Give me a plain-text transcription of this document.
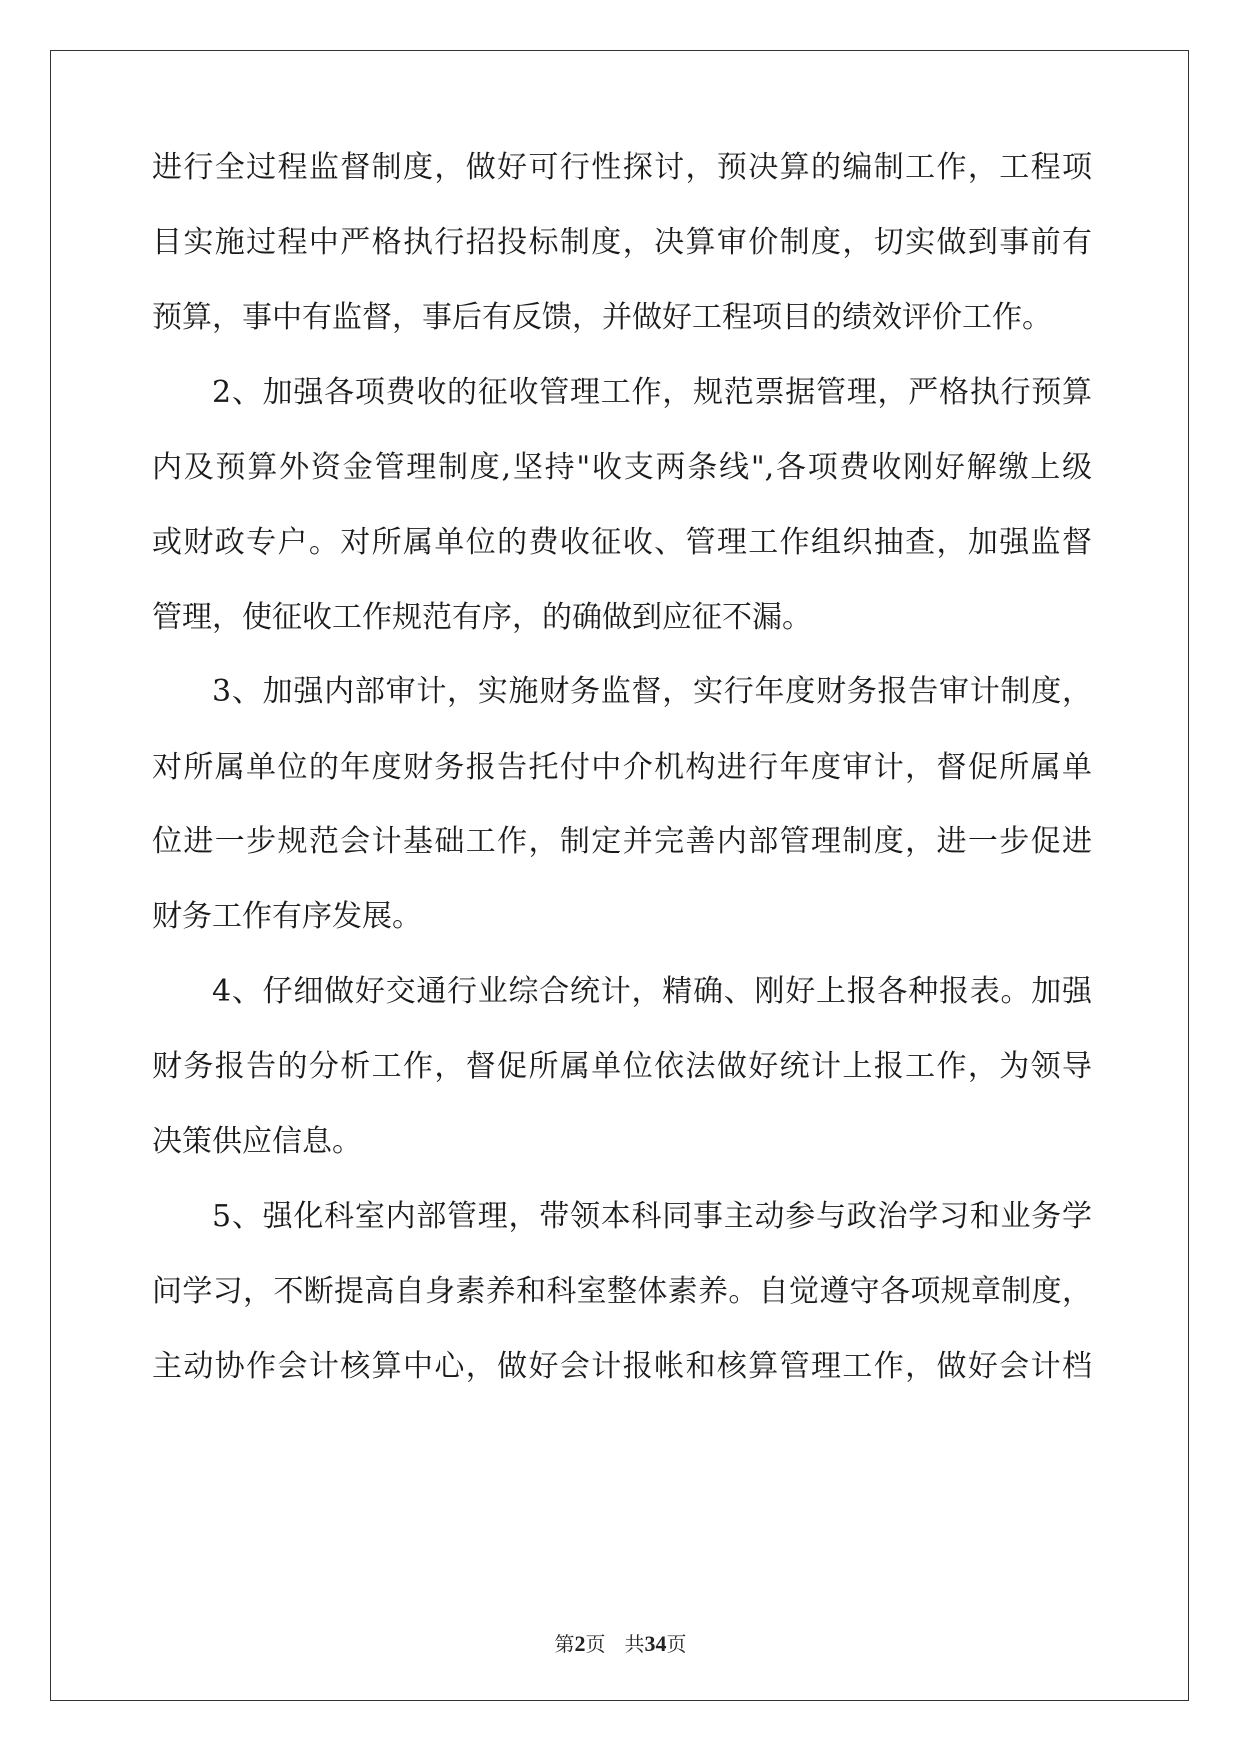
进行全过程监督制度，做好可行性探讨，预决算的编制工作，工程项
目实施过程中严格执行招投标制度，决算审价制度，切实做到事前有
预算，事中有监督，事后有反馈，并做好工程项目的绩效评价工作。
2、加强各项费收的征收管理工作，规范票据管理，严格执行预算
内及预算外资金管理制度,坚持"收支两条线",各项费收刚好解缴上级
或财政专户。对所属单位的费收征收、管理工作组织抽查，加强监督
管理，使征收工作规范有序，的确做到应征不漏。
3、加强内部审计，实施财务监督，实行年度财务报告审计制度，
对所属单位的年度财务报告托付中介机构进行年度审计，督促所属单
位进一步规范会计基础工作，制定并完善内部管理制度，进一步促进
财务工作有序发展。
4、仔细做好交通行业综合统计，精确、刚好上报各种报表。加强
财务报告的分析工作，督促所属单位依法做好统计上报工作，为领导
决策供应信息。
5、强化科室内部管理，带领本科同事主动参与政治学习和业务学
问学习，不断提高自身素养和科室整体素养。自觉遵守各项规章制度，
主动协作会计核算中心，做好会计报帐和核算管理工作，做好会计档
第2页 共34页
